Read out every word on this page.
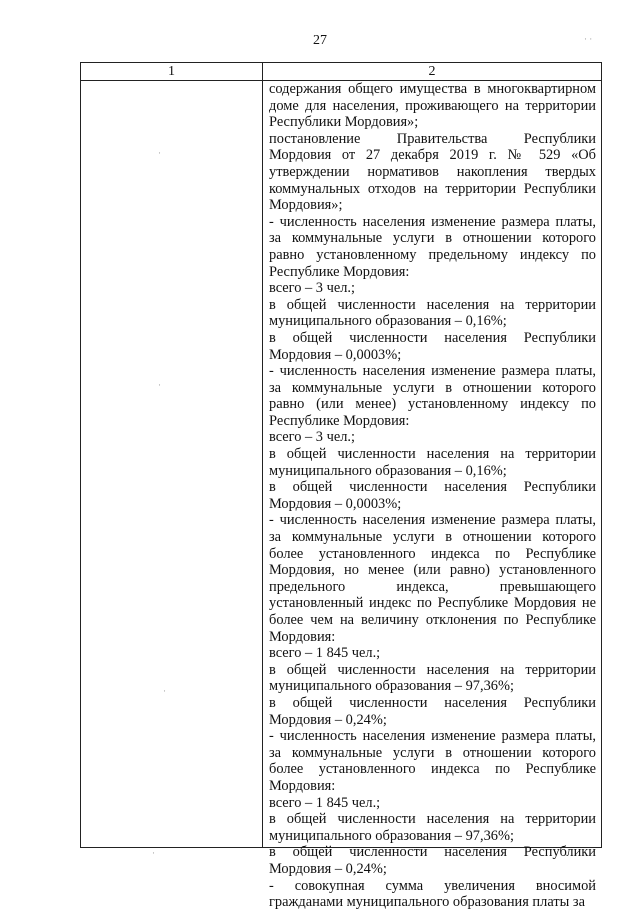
27
1	2

содержания общего имущества в многоквартирном доме для населения, проживающего на территории Республики Мордовия»;

постановление Правительства Республики Мордовия от 27 декабря 2019 г. № 529 «Об утверждении нормативов накопления твердых коммунальных отходов на территории Республики Мордовия»;

- численность населения изменение размера платы, за коммунальные услуги в отношении которого равно установленному предельному индексу по Республике Мордовия:

всего – 3 чел.;

в общей численности населения на территории муниципального образования – 0,16%;

в общей численности населения Республики Мордовия – 0,0003%;

- численность населения изменение размера платы, за коммунальные услуги в отношении которого равно (или менее) установленному индексу по Республике Мордовия:

всего – 3 чел.;

в общей численности населения на территории муниципального образования – 0,16%;

в общей численности населения Республики Мордовия – 0,0003%;

- численность населения изменение размера платы, за коммунальные услуги в отношении которого более установленного индекса по Республике Мордовия, но менее (или равно) установленного предельного индекса, превышающего установленный индекс по Республике Мордовия не более чем на величину отклонения по Республике Мордовия:

всего – 1 845 чел.;

в общей численности населения на территории муниципального образования – 97,36%;

в общей численности населения Республики Мордовия – 0,24%;

- численность населения изменение размера платы, за коммунальные услуги в отношении которого более установленного индекса по Республике Мордовия:

всего – 1 845 чел.;

в общей численности населения на территории муниципального образования – 97,36%;

в общей численности населения Республики Мордовия – 0,24%;

- совокупная сумма увеличения вносимой гражданами муниципального образования платы за

·
·
·
·
· ·
